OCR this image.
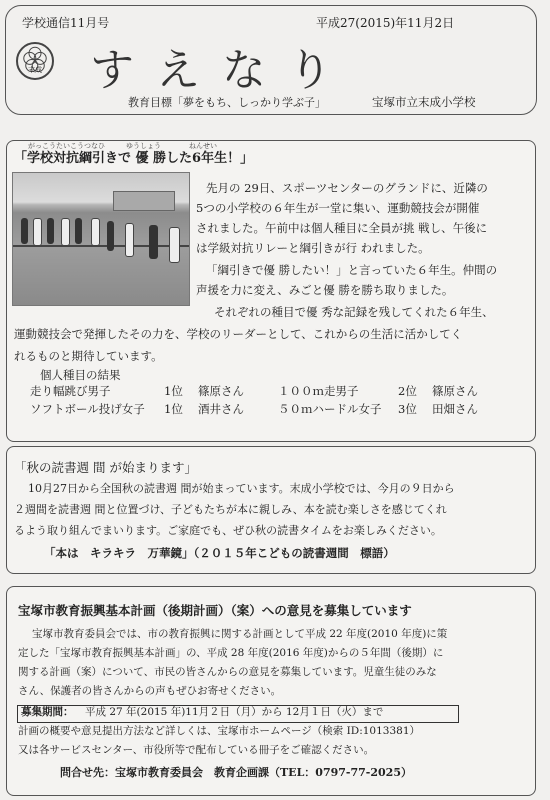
学校通信11月号	平成27(2015)年11月2日
末成 すえなり
教育目標「夢をもち、しっかり学ぶ子」	宝塚市立末成小学校
がっこうたいこうつなひ　　　ゆうしょう　　　　ねんせい
「学校対抗綱引きで 優 勝した6年生！」
先月の 29日、スポーツセンターのグランドに、近隣の
5つの小学校の６年生が一堂に集い、運動競技会が開催
されました。午前中は個人種目に全員が挑 戦し、午後に
は学級対抗リレーと綱引きが行 われました。
「綱引きで優 勝したい！」と言っていた６年生。仲間の
声援を力に変え、みごと優 勝を勝ち取りました。
それぞれの種目で優 秀な記録を残してくれた６年生、
運動競技会で発揮したその力を、学校のリーダーとして、これからの生活に活かしてく
れるものと期待しています。
個人種目の結果
走り幅跳び男子	1位 篠原さん	１００ｍ走男子	2位 篠原さん
ソフトボール投げ女子 1位 酒井さん	５０ｍハードル女子 3位 田畑さん
「秋の読書週 間 が始まります」
10月27日から全国秋の読書週 間が始まっています。末成小学校では、今月の９日から
２週間を読書週 間と位置づけ、子どもたちが本に親しみ、本を読む楽しさを感じてくれ
るよう取り組んでまいります。ご家庭でも、ぜひ秋の読書タイムをお楽しみください。
「本は　キラキラ　万華鏡」（２０１５年こどもの読書週間　標語）
宝塚市教育振興基本計画（後期計画）（案）への意見を募集しています
宝塚市教育委員会では、市の教育振興に関する計画として平成 22 年度(2010 年度)に策
定した「宝塚市教育振興基本計画」の、平成 28 年度(2016 年度)からの５年間（後期）に
関する計画（案）について、市民の皆さんからの意見を募集しています。児童生徒のみな
さん、保護者の皆さんからの声もぜひお寄せください。
募集期間： 平成 27 年(2015 年)11月２日（月）から 12月１日（火）まで
計画の概要や意見提出方法など詳しくは、宝塚市ホームページ（検索 ID:1013381）
又は各サービスセンター、市役所等で配布している冊子をご確認ください。
問合せ先：宝塚市教育委員会　教育企画課（TEL：0797-77-2025）
